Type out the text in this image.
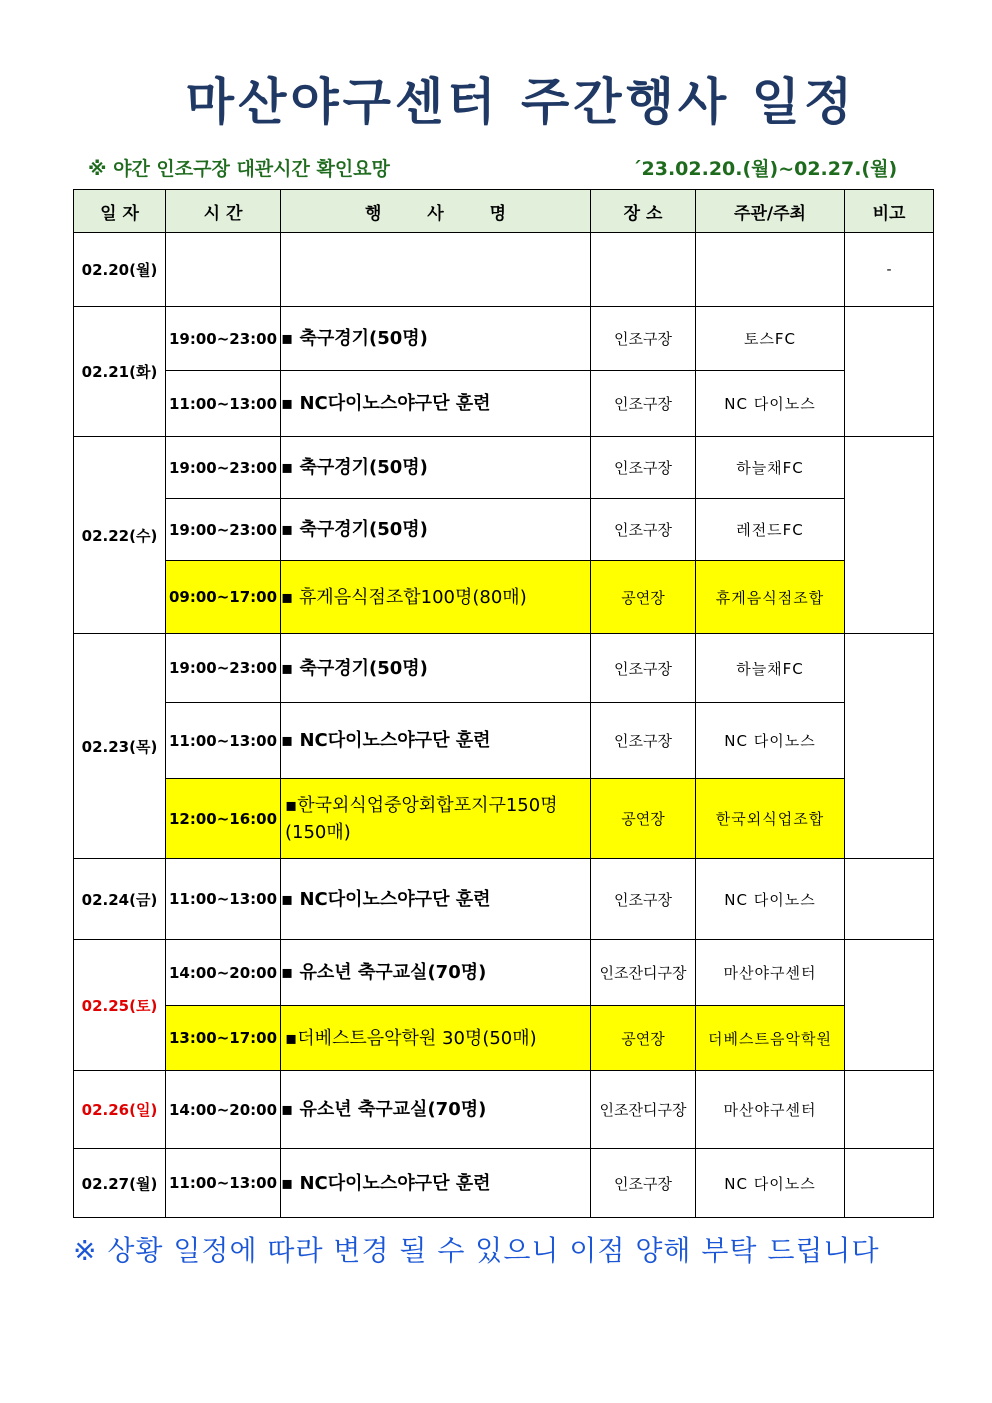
마산야구센터 주간행사 일정
※ 야간 인조구장 대관시간 확인요망	´23.02.20.(월)~02.27.(월)
일 자	시 간	행 사 명	장 소	주관/주최	비고
02.20(월)					-
02.21(화)	19:00~23:00	▪ 축구경기(50명)	인조구장	토스FC	
	11:00~13:00	▪ NC다이노스야구단 훈련	인조구장	NC 다이노스	
02.22(수)	19:00~23:00	▪ 축구경기(50명)	인조구장	하늘채FC	
	19:00~23:00	▪ 축구경기(50명)	인조구장	레전드FC	
	09:00~17:00	▪ 휴게음식점조합100명(80매)	공연장	휴게음식점조합	
02.23(목)	19:00~23:00	▪ 축구경기(50명)	인조구장	하늘채FC	
	11:00~13:00	▪ NC다이노스야구단 훈련	인조구장	NC 다이노스	
	12:00~16:00	▪한국외식업중앙회합포지구150명 (150매)	공연장	한국외식업조합	
02.24(금)	11:00~13:00	▪ NC다이노스야구단 훈련	인조구장	NC 다이노스	
02.25(토)	14:00~20:00	▪ 유소년 축구교실(70명)	인조잔디구장	마산야구센터	
	13:00~17:00	▪더베스트음악학원 30명(50매)	공연장	더베스트음악학원	
02.26(일)	14:00~20:00	▪ 유소년 축구교실(70명)	인조잔디구장	마산야구센터	
02.27(월)	11:00~13:00	▪ NC다이노스야구단 훈련	인조구장	NC 다이노스	
※ 상황 일정에 따라 변경 될 수 있으니 이점 양해 부탁 드립니다
